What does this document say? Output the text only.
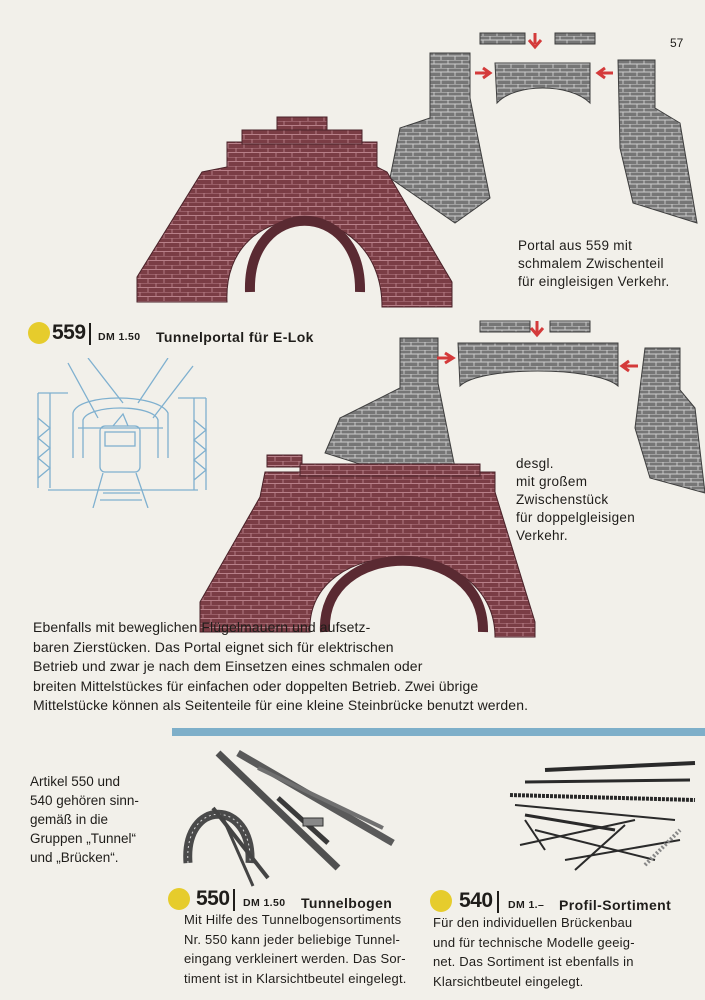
57
Portal aus 559 mit
schmalem Zwischenteil
für eingleisigen Verkehr.
559 DM 1.50 Tunnelportal für E-Lok
desgl.
mit großem
Zwischenstück
für doppelgleisigen
Verkehr.
Ebenfalls mit beweglichen Flügelmauern und aufsetz-
baren Zierstücken. Das Portal eignet sich für elektrischen
Betrieb und zwar je nach dem Einsetzen eines schmalen oder
breiten Mittelstückes für einfachen oder doppelten Betrieb. Zwei übrige
Mittelstücke können als Seitenteile für eine kleine Steinbrücke benutzt werden.
Artikel 550 und
540 gehören sinn-
gemäß in die
Gruppen „Tunnel“
und „Brücken“.
550 DM 1.50 Tunnelbogen
Mit Hilfe des Tunnelbogensortiments
Nr. 550 kann jeder beliebige Tunnel-
eingang verkleinert werden. Das Sor-
timent ist in Klarsichtbeutel eingelegt.
540 DM 1.– Profil-Sortiment
Für den individuellen Brückenbau
und für technische Modelle geeig-
net. Das Sortiment ist ebenfalls in
Klarsichtbeutel eingelegt.
